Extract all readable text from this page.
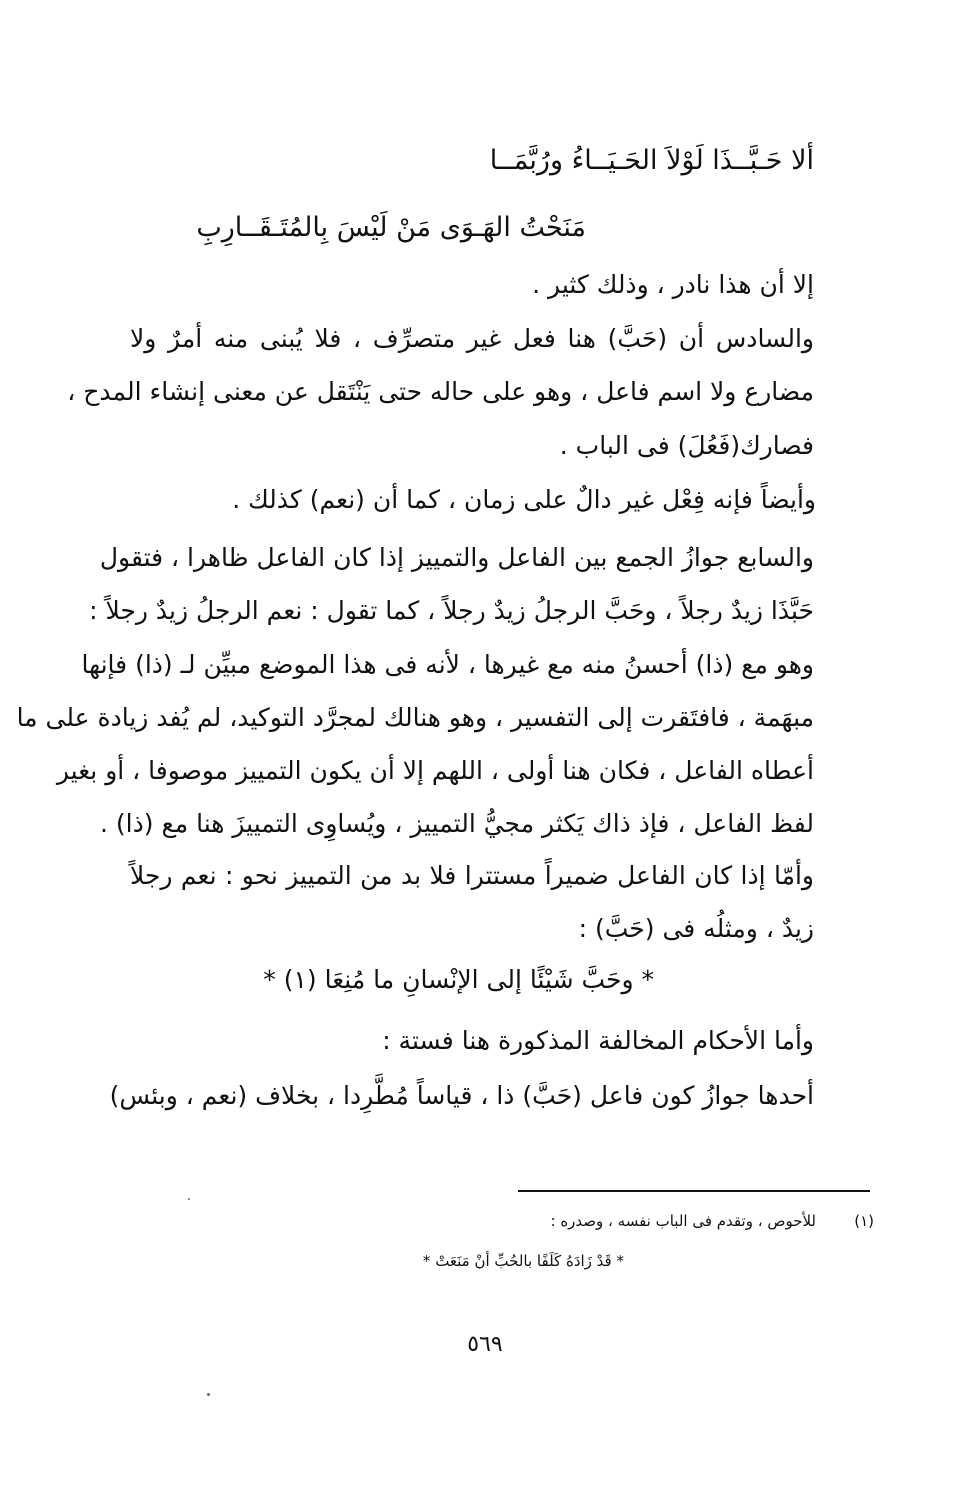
ألا حَـبَّــذَا لَوْلاَ الحَـيَــاءُ ورُبَّمَــا
مَنَحْتُ الهَـوَى مَنْ لَيْسَ بِالمُتَـقَــارِبِ
إلا أن هذا نادر ، وذلك كثير .
والسادس أن (حَبَّ) هنا فعل غير متصرِّف ، فلا يُبنى منه أمرٌ ولا
مضارع ولا اسم فاعل ، وهو على حاله حتى يَنْتَقل عن معنى إنشاء المدح ،
فصارك(فَعُلَ) فى الباب .
وأيضاً فإنه فِعْل غير دالٌ على زمان ، كما أن (نعم) كذلك .
والسابع جوازُ الجمع بين الفاعل والتمييز إذا كان الفاعل ظاهرا ، فتقول
حَبَّذَا زيدٌ رجلاً ، وحَبَّ الرجلُ زيدٌ رجلاً ، كما تقول : نعم الرجلُ زيدٌ رجلاً :
وهو مع (ذا) أحسنُ منه مع غيرها ، لأنه فى هذا الموضع مبيِّن لـ (ذا) فإنها
مبهَمة ، فافتَقرت إلى التفسير ، وهو هنالك لمجرَّد التوكيد، لم يُفد زيادة على ما
أعطاه الفاعل ، فكان هنا أولى ، اللهم إلا أن يكون التمييز موصوفا ، أو بغير
لفظ الفاعل ، فإذ ذاك يَكثر مجيُّ التمييز ، ويُساوِى التمييزَ هنا مع (ذا) .
وأمّا إذا كان الفاعل ضميراً مستترا فلا بد من التمييز نحو : نعم رجلاً
زيدٌ ، ومثلُه فى (حَبَّ) :
* وحَبَّ شَيْئًا إلى الإنْسانِ ما مُنِعَا (١) *
وأما الأحكام المخالفة المذكورة هنا فستة :
أحدها جوازُ كون فاعل (حَبَّ) ذا ، قياساً مُطَّرِدا ، بخلاف (نعم ، وبئس)
(١)
للأحوص ، وتقدم فى الباب نفسه ، وصدره :
* قَدْ زَادَهُ كَلَفًا بالحُبِّ أنْ مَنَعَتْ *
٥٦٩
